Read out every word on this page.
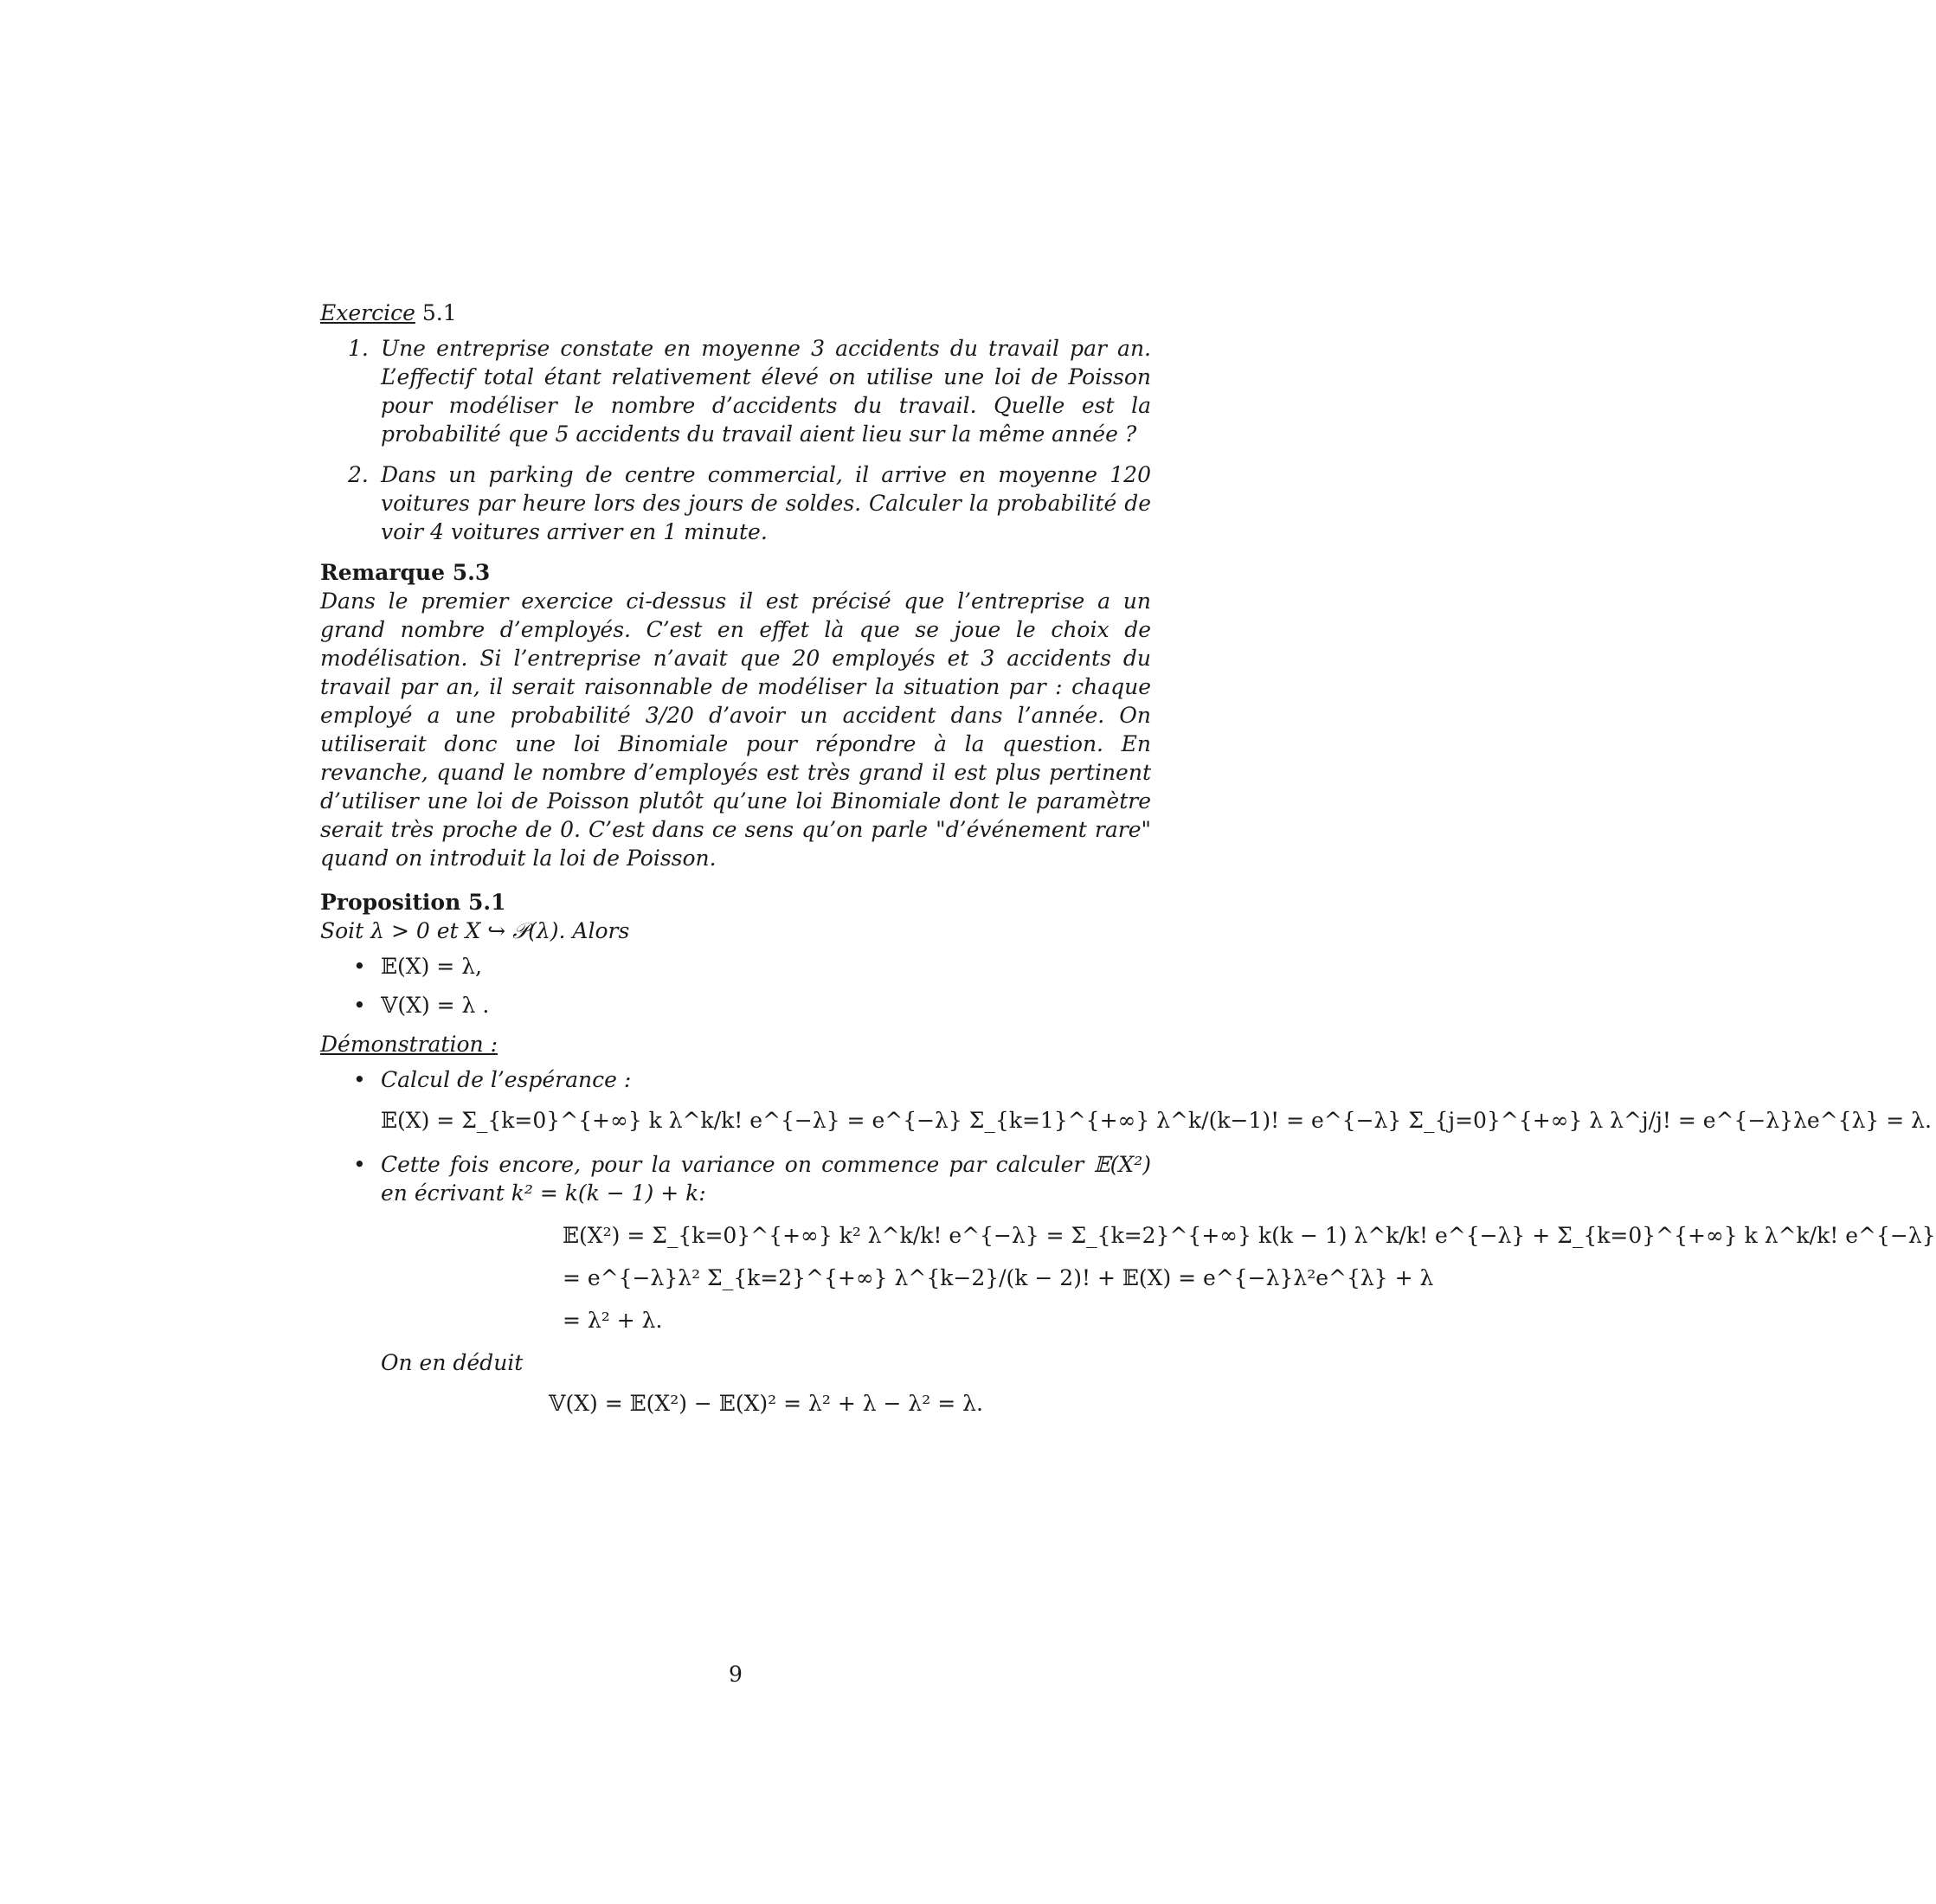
Exercice 5.1
1. Une entreprise constate en moyenne 3 accidents du travail par an. L’effectif total étant relativement élevé on utilise une loi de Poisson pour modéliser le nombre d’accidents du travail. Quelle est la probabilité que 5 accidents du travail aient lieu sur la même année ?
2. Dans un parking de centre commercial, il arrive en moyenne 120 voitures par heure lors des jours de soldes. Calculer la probabilité de voir 4 voitures arriver en 1 minute.
Remarque 5.3
Dans le premier exercice ci-dessus il est précisé que l’entreprise a un grand nombre d’employés. C’est en effet là que se joue le choix de modélisation. Si l’entreprise n’avait que 20 employés et 3 accidents du travail par an, il serait raisonnable de modéliser la situation par : chaque employé a une probabilité 3/20 d’avoir un accident dans l’année. On utiliserait donc une loi Binomiale pour répondre à la question. En revanche, quand le nombre d’employés est très grand il est plus pertinent d’utiliser une loi de Poisson plutôt qu’une loi Binomiale dont le paramètre serait très proche de 0. C’est dans ce sens qu’on parle "d’événement rare" quand on introduit la loi de Poisson.
Proposition 5.1
Soit λ > 0 et X ↪ 𝒫(λ). Alors
• 𝔼(X) = λ,
• 𝕍(X) = λ .
Démonstration :
• Calcul de l’espérance :
𝔼(X) = Σ_{k=0}^{+∞} k λ^k/k! e^{−λ} = e^{−λ} Σ_{k=1}^{+∞} λ^k/(k−1)! = e^{−λ} Σ_{j=0}^{+∞} λ λ^j/j! = e^{−λ}λe^{λ} = λ.
• Cette fois encore, pour la variance on commence par calculer 𝔼(X²) en écrivant k² = k(k − 1) + k:
𝔼(X²) = Σ_{k=0}^{+∞} k² λ^k/k! e^{−λ} = Σ_{k=2}^{+∞} k(k − 1) λ^k/k! e^{−λ} + Σ_{k=0}^{+∞} k λ^k/k! e^{−λ}
= e^{−λ}λ² Σ_{k=2}^{+∞} λ^{k−2}/(k − 2)! + 𝔼(X) = e^{−λ}λ²e^{λ} + λ
= λ² + λ.
On en déduit
𝕍(X) = 𝔼(X²) − 𝔼(X)² = λ² + λ − λ² = λ.
9
